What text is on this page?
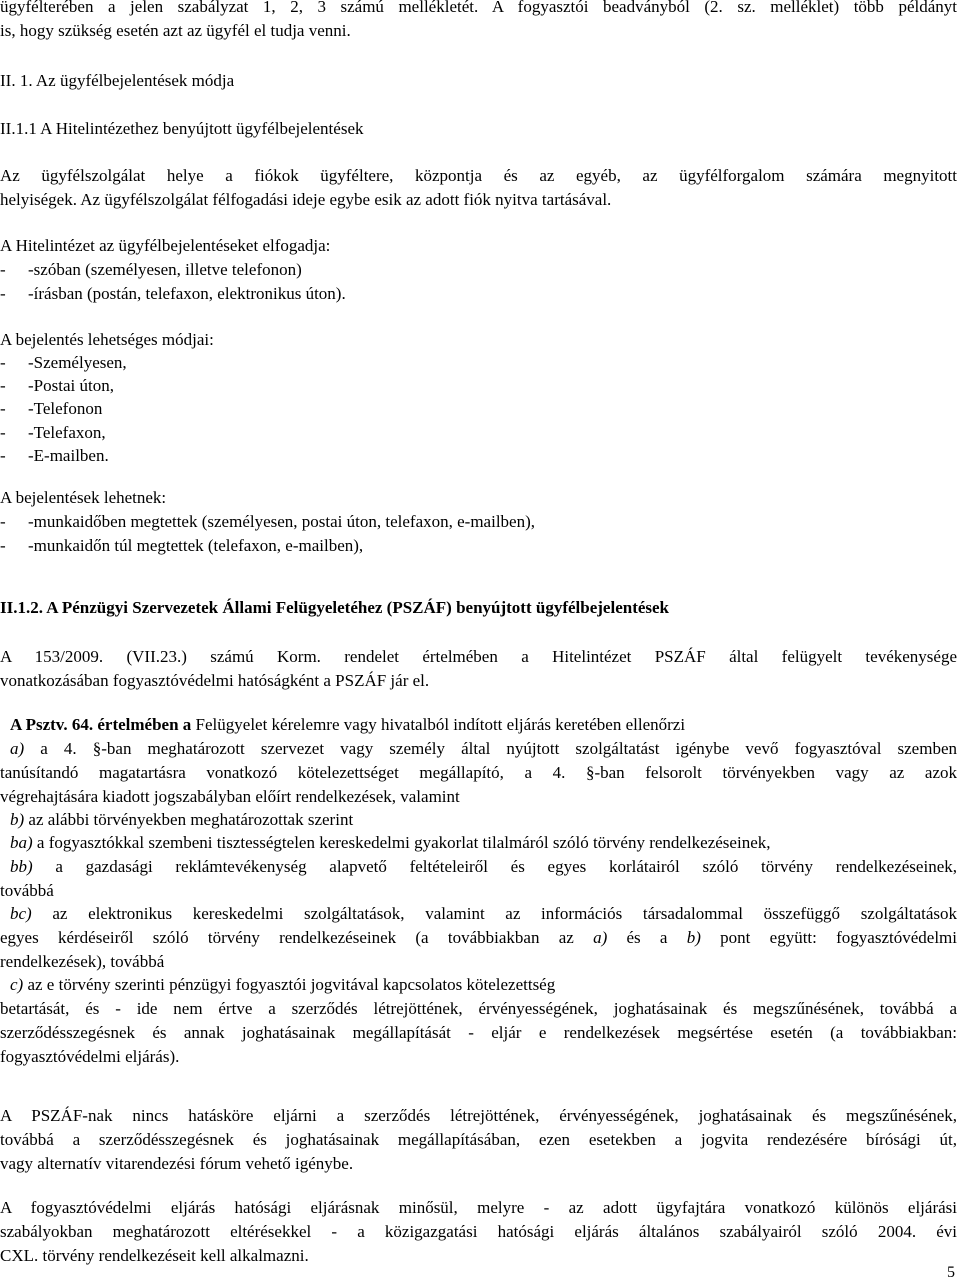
ügyfélterében a jelen szabályzat 1, 2, 3 számú mellékletét. A fogyasztói beadványból (2. sz. melléklet) több példányt
is, hogy szükség esetén azt az ügyfél el tudja venni.
II. 1. Az ügyfélbejelentések módja
II.1.1 A Hitelintézethez benyújtott ügyfélbejelentések
Az ügyfélszolgálat helye a fiókok ügyféltere, központja és az egyéb, az ügyfélforgalom számára megnyitott
helyiségek. Az ügyfélszolgálat félfogadási ideje egybe esik az adott fiók nyitva tartásával.
A Hitelintézet az ügyfélbejelentéseket elfogadja:
- -szóban (személyesen, illetve telefonon)
- -írásban (postán, telefaxon, elektronikus úton).
A bejelentés lehetséges módjai:
- -Személyesen,
- -Postai úton,
- -Telefonon
- -Telefaxon,
- -E-mailben.
A bejelentések lehetnek:
- -munkaidőben megtettek (személyesen, postai úton, telefaxon, e-mailben),
- -munkaidőn túl megtettek (telefaxon, e-mailben),
II.1.2. A Pénzügyi Szervezetek Állami Felügyeletéhez (PSZÁF) benyújtott ügyfélbejelentések
A 153/2009. (VII.23.) számú Korm. rendelet értelmében a Hitelintézet PSZÁF által felügyelt tevékenysége
vonatkozásában fogyasztóvédelmi hatóságként a PSZÁF jár el.
A Psztv. 64. értelmében a Felügyelet kérelemre vagy hivatalból indított eljárás keretében ellenőrzi
a) a 4. §-ban meghatározott szervezet vagy személy által nyújtott szolgáltatást igénybe vevő fogyasztóval szemben
tanúsítandó magatartásra vonatkozó kötelezettséget megállapító, a 4. §-ban felsorolt törvényekben vagy az azok
végrehajtására kiadott jogszabályban előírt rendelkezések, valamint
b) az alábbi törvényekben meghatározottak szerint
ba) a fogyasztókkal szembeni tisztességtelen kereskedelmi gyakorlat tilalmáról szóló törvény rendelkezéseinek,
bb) a gazdasági reklámtevékenység alapvető feltételeiről és egyes korlátairól szóló törvény rendelkezéseinek,
továbbá
bc) az elektronikus kereskedelmi szolgáltatások, valamint az információs társadalommal összefüggő szolgáltatások
egyes kérdéseiről szóló törvény rendelkezéseinek (a továbbiakban az a) és a b) pont együtt: fogyasztóvédelmi
rendelkezések), továbbá
c) az e törvény szerinti pénzügyi fogyasztói jogvitával kapcsolatos kötelezettség
betartását, és - ide nem értve a szerződés létrejöttének, érvényességének, joghatásainak és megszűnésének, továbbá a
szerződésszegésnek és annak joghatásainak megállapítását - eljár e rendelkezések megsértése esetén (a továbbiakban:
fogyasztóvédelmi eljárás).
A PSZÁF-nak nincs hatásköre eljárni a szerződés létrejöttének, érvényességének, joghatásainak és megszűnésének,
továbbá a szerződésszegésnek és joghatásainak megállapításában, ezen esetekben a jogvita rendezésére bírósági út,
vagy alternatív vitarendezési fórum vehető igénybe.
A fogyasztóvédelmi eljárás hatósági eljárásnak minősül, melyre - az adott ügyfajtára vonatkozó különös eljárási
szabályokban meghatározott eltérésekkel - a közigazgatási hatósági eljárás általános szabályairól szóló 2004. évi
CXL. törvény rendelkezéseit kell alkalmazni.
5
